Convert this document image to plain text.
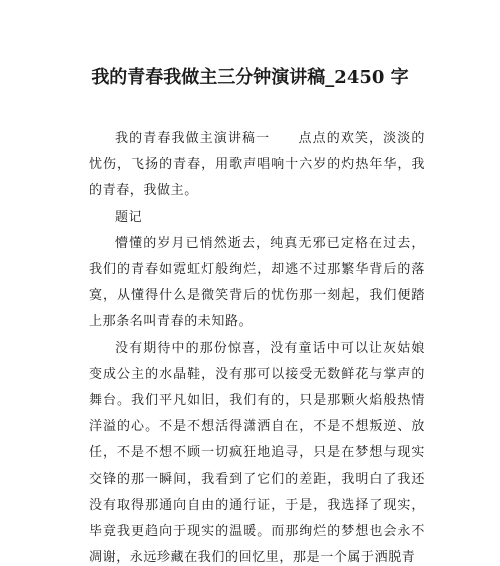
我的青春我做主三分钟演讲稿_2450 字

我的青春我做主演讲稿一　　点点的欢笑，淡淡的忧伤，飞扬的青春，用歌声唱响十六岁的灼热年华，我的青春，我做主。

题记

懵懂的岁月已悄然逝去，纯真无邪已定格在过去，我们的青春如霓虹灯般绚烂，却逃不过那繁华背后的落寞，从懂得什么是微笑背后的忧伤那一刻起，我们便踏上那条名叫青春的未知路。

没有期待中的那份惊喜，没有童话中可以让灰姑娘变成公主的水晶鞋，没有那可以接受无数鲜花与掌声的舞台。我们平凡如旧，我们有的，只是那颗火焰般热情洋溢的心。不是不想活得潇洒自在，不是不想叛逆、放任，不是不想不顾一切疯狂地追寻，只是在梦想与现实交锋的那一瞬间，我看到了它们的差距，我明白了我还没有取得那通向自由的通行证，于是，我选择了现实，毕竟我更趋向于现实的温暖。而那绚烂的梦想也会永不凋谢，永远珍藏在我们的回忆里，那是一个属于洒脱青
